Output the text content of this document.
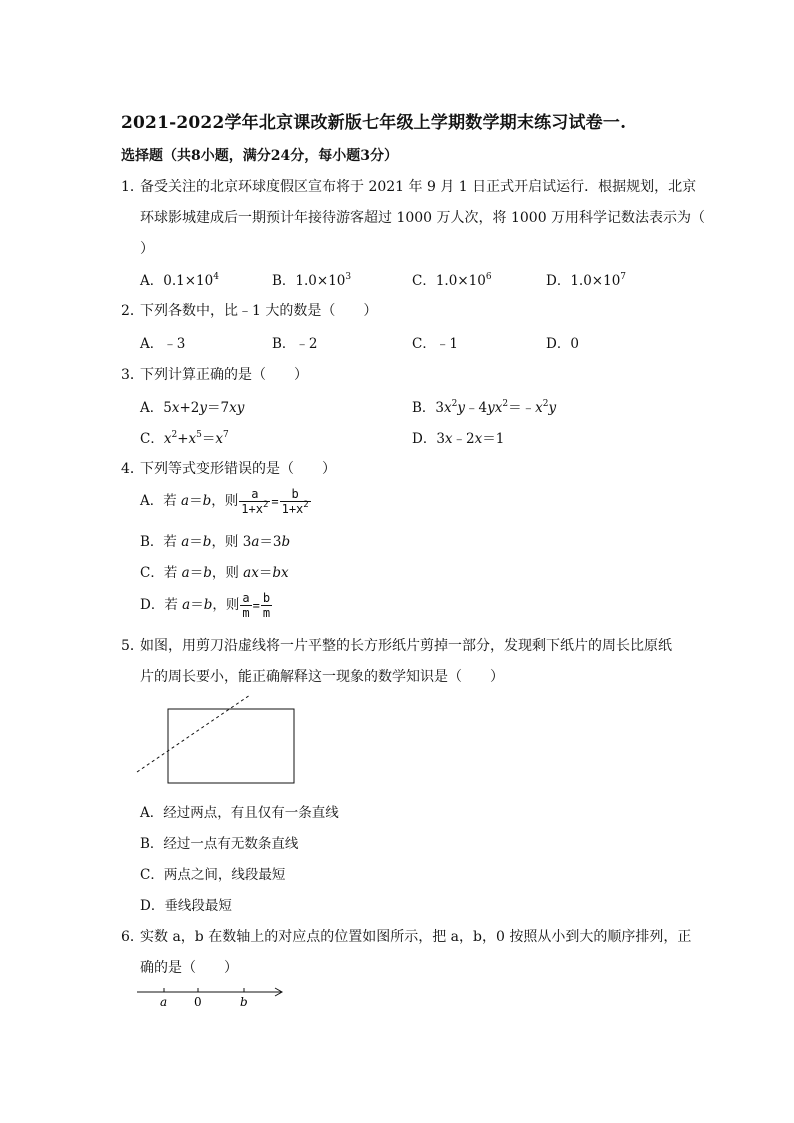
2021-2022学年北京课改新版七年级上学期数学期末练习试卷一.
选择题（共8小题，满分24分，每小题3分）
1．
备受关注的北京环球度假区宣布将于 2021 年 9 月 1 日正式开启试运行．根据规划，北京
环球影城建成后一期预计年接待游客超过 1000 万人次，将 1000 万用科学记数法表示为（
）
A．$0.1\times 10^4$	B．$1.0\times 10^3$	C．$1.0\times 10^6$	D．$1.0\times 10^7$
2．
下列各数中，比﹣1 大的数是（　　）
A．﹣3	B．﹣2	C．﹣1	D．0
3．
下列计算正确的是（　　）
A．5x+2y＝7xy	B．$3x^2y﹣4yx^2=﹣x^2y$
C．$x^2+x^5=x^7$	D．3x﹣2x＝1
4．
下列等式变形错误的是（　　）
A．若 a＝b，则 $\frac{a}{1+x^2} = \frac{b}{1+x^2}$
B．若 a＝b，则 3a＝3b
C．若 a＝b，则 ax＝bx
D．若 a＝b，则 $\frac{a}{m} = \frac{b}{m}$
5．
如图，用剪刀沿虚线将一片平整的长方形纸片剪掉一部分，发现剩下纸片的周长比原纸
片的周长要小，能正确解释这一现象的数学知识是（　　）
A．经过两点，有且仅有一条直线
B．经过一点有无数条直线
C．两点之间，线段最短
D．垂线段最短
6．
实数 a，b 在数轴上的对应点的位置如图所示，把 a，b，0 按照从小到大的顺序排列，正
确的是（　　）
a 0	b
